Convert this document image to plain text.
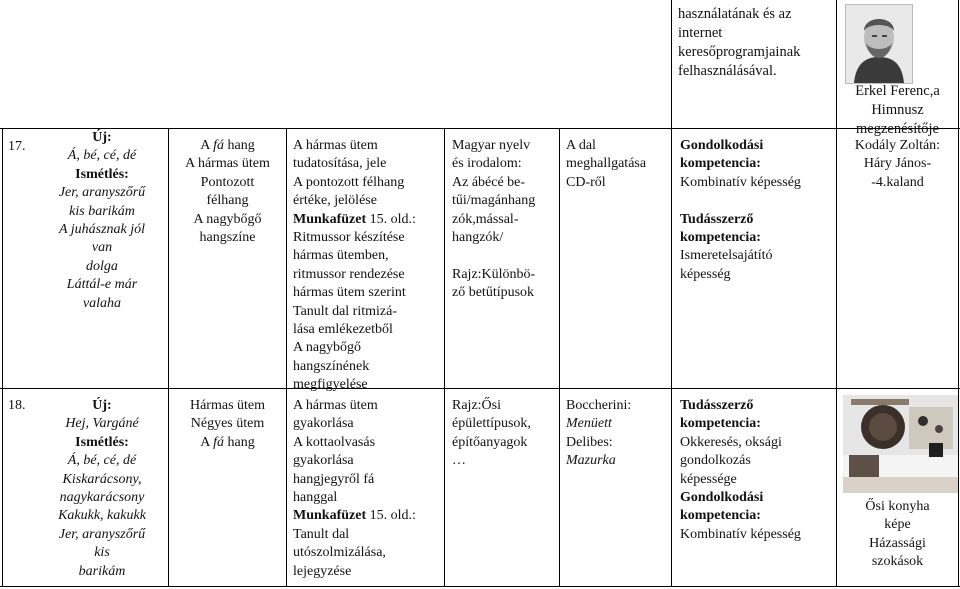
használatának és az
internet
keresőprogramjainak
felhasználásával.
Erkel Ferenc,a
Himnusz
megzenésítője
17.
Új:
Á, bé, cé, dé
Ismétlés:
Jer, aranyszőrű
kis barikám
A juhásznak jól
van
dolga
Láttál-e már
valaha
A fá hang
A hármas ütem
Pontozott
félhang
A nagybőgő
hangszíne
A hármas ütem
tudatosítása, jele
A pontozott félhang
értéke, jelölése
Munkafüzet 15. old.:
Ritmussor készítése
hármas ütemben,
ritmussor rendezése
hármas ütem szerint
Tanult dal ritmizá-
lása emlékezetből
A nagybőgő
hangszínének
megfigyelése
Magyar nyelv
és irodalom:
Az ábécé be-
tűi/magánhang
zók,mással-
hangzók/
Rajz:Különbö-
ző betűtípusok
A dal
meghallgatása
CD-ről
Gondolkodási
kompetencia:
Kombinatív képesség
Tudásszerző
kompetencia:
Ismeretelsajátító
képesség
Kodály Zoltán:
Háry János-
-4.kaland
18.	Új:
Hej, Vargáné
Ismétlés:
Á, bé, cé, dé
Kiskarácsony,
nagykarácsony
Kakukk, kakukk
Jer, aranyszőrű
kis
barikám
Hármas ütem
Négyes ütem
A fá hang
A hármas ütem
gyakorlása
A kottaolvasás
gyakorlása
hangjegyről fá
hanggal
Munkafüzet 15. old.:
Tanult dal
utószolmizálása,
lejegyzése
Rajz:Ősi
épülettípusok,
építőanyagok
…
Boccherini:
Menüett
Delibes:
Mazurka
Tudásszerző
kompetencia:
Okkeresés, oksági
gondolkozás
képessége
Gondolkodási
kompetencia:
Kombinatív képesség
Ősi konyha
képe
Házassági
szokások
